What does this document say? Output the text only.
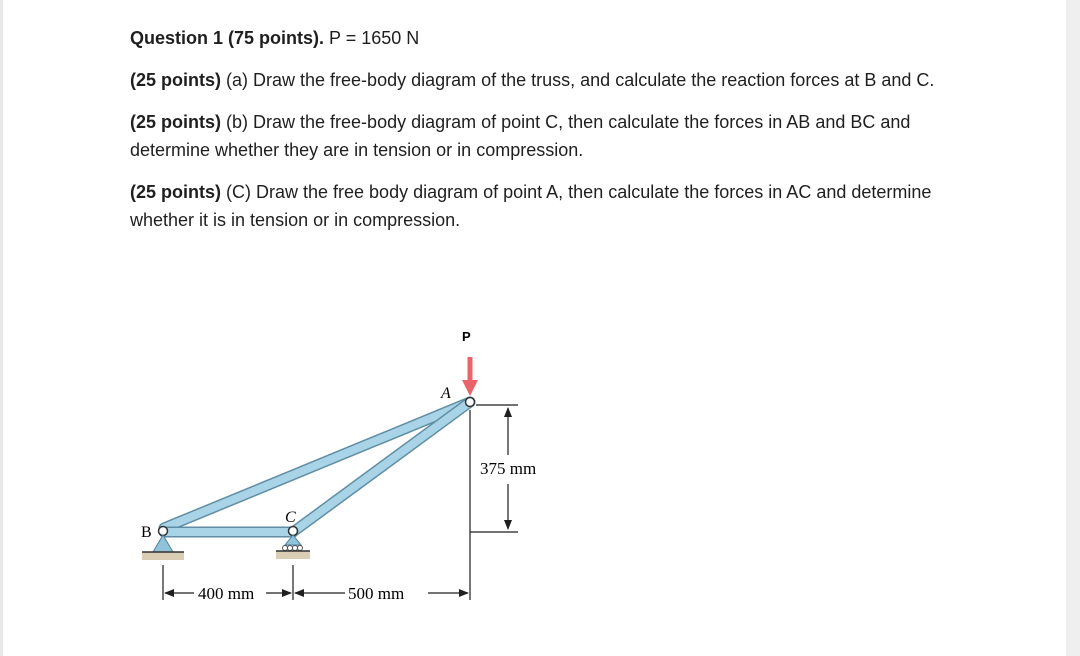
Question 1 (75 points). P = 1650 N

(25 points) (a) Draw the free-body diagram of the truss, and calculate the reaction forces at B and C.

(25 points) (b) Draw the free-body diagram of point C, then calculate the forces in AB and BC and determine whether they are in tension or in compression.

(25 points) (C) Draw the free body diagram of point A, then calculate the forces in AC and determine whether it is in tension or in compression.

P
A
B
C
375 mm
400 mm	500 mm
